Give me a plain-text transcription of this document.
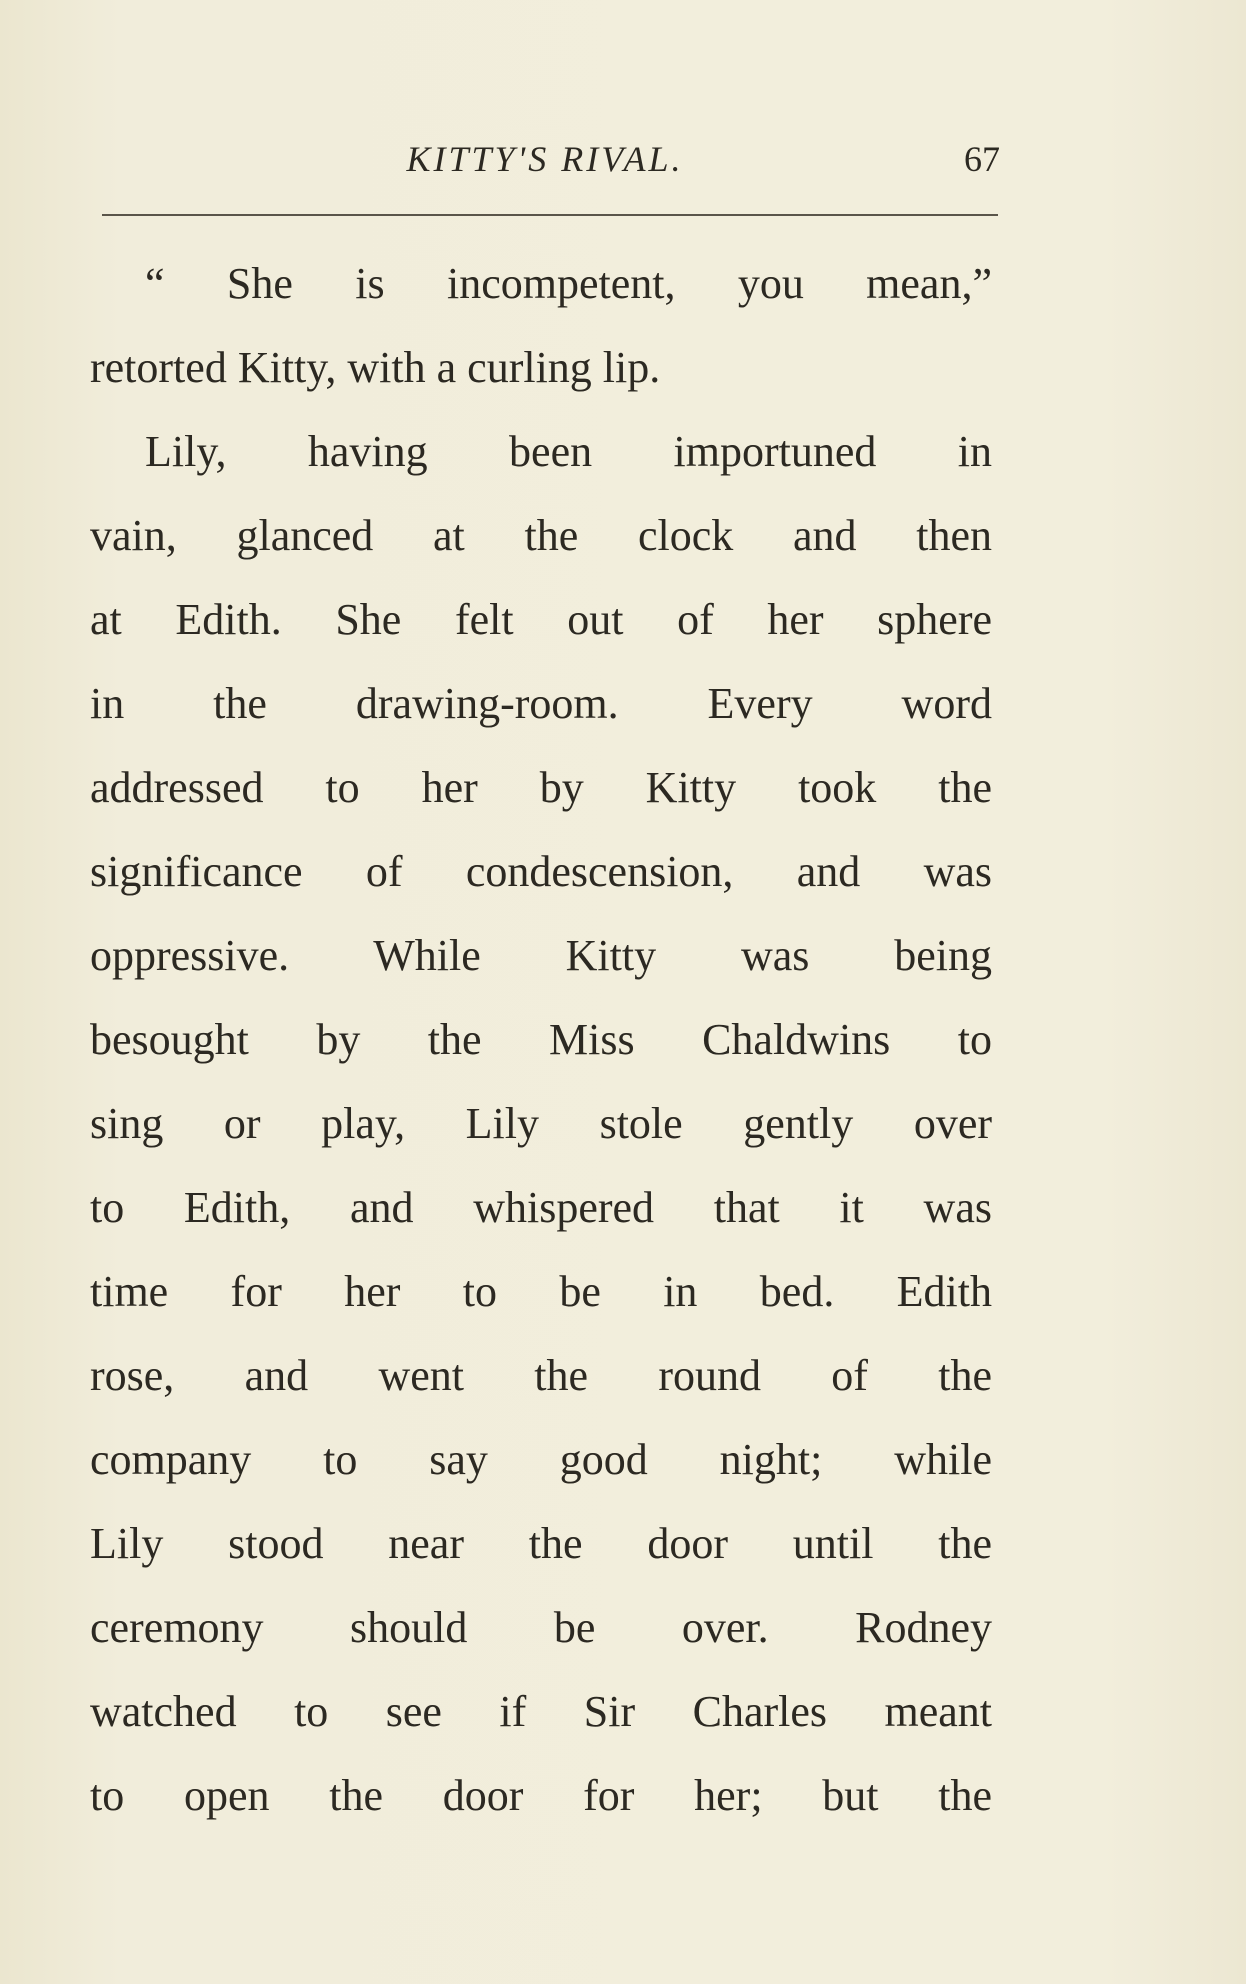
KITTY'S RIVAL.	67
“ She is incompetent, you mean,”
retorted Kitty, with a curling lip.
Lily, having been importuned in
vain, glanced at the clock and then
at Edith. She felt out of her sphere
in the drawing-room. Every word
addressed to her by Kitty took the
significance of condescension, and was
oppressive. While Kitty was being
besought by the Miss Chaldwins to
sing or play, Lily stole gently over
to Edith, and whispered that it was
time for her to be in bed. Edith
rose, and went the round of the
company to say good night; while
Lily stood near the door until the
ceremony should be over. Rodney
watched to see if Sir Charles meant
to open the door for her; but the
